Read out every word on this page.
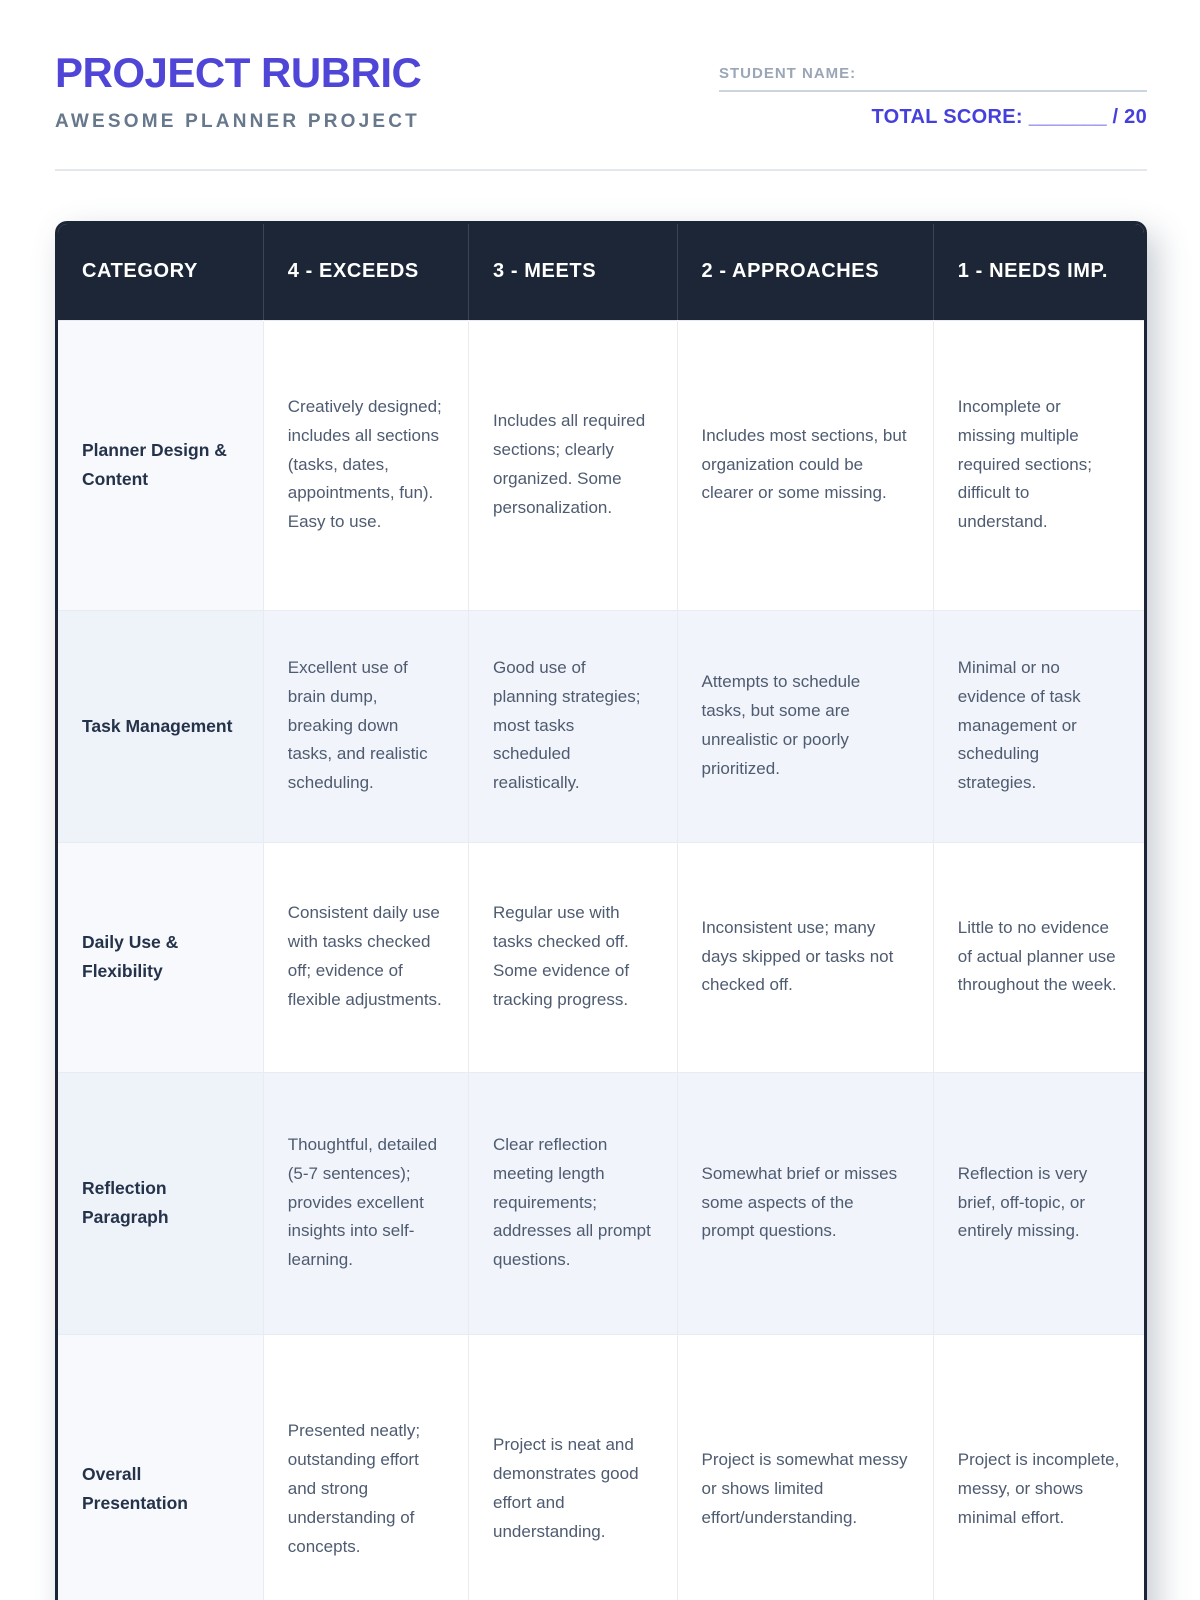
PROJECT RUBRIC
AWESOME PLANNER PROJECT
STUDENT NAME:
TOTAL SCORE: _______ / 20
CATEGORY	4 - EXCEEDS	3 - MEETS	2 - APPROACHES	1 - NEEDS IMP.
Planner Design & Content	Creatively designed; includes all sections (tasks, dates, appointments, fun). Easy to use.	Includes all required sections; clearly organized. Some personalization.	Includes most sections, but organization could be clearer or some missing.	Incomplete or missing multiple required sections; difficult to understand.
Task Management	Excellent use of brain dump, breaking down tasks, and realistic scheduling.	Good use of planning strategies; most tasks scheduled realistically.	Attempts to schedule tasks, but some are unrealistic or poorly prioritized.	Minimal or no evidence of task management or scheduling strategies.
Daily Use & Flexibility	Consistent daily use with tasks checked off; evidence of flexible adjustments.	Regular use with tasks checked off. Some evidence of tracking progress.	Inconsistent use; many days skipped or tasks not checked off.	Little to no evidence of actual planner use throughout the week.
Reflection Paragraph	Thoughtful, detailed (5-7 sentences); provides excellent insights into self-learning.	Clear reflection meeting length requirements; addresses all prompt questions.	Somewhat brief or misses some aspects of the prompt questions.	Reflection is very brief, off-topic, or entirely missing.
Overall Presentation	Presented neatly; outstanding effort and strong understanding of concepts.	Project is neat and demonstrates good effort and understanding.	Project is somewhat messy or shows limited effort/understanding.	Project is incomplete, messy, or shows minimal effort.
